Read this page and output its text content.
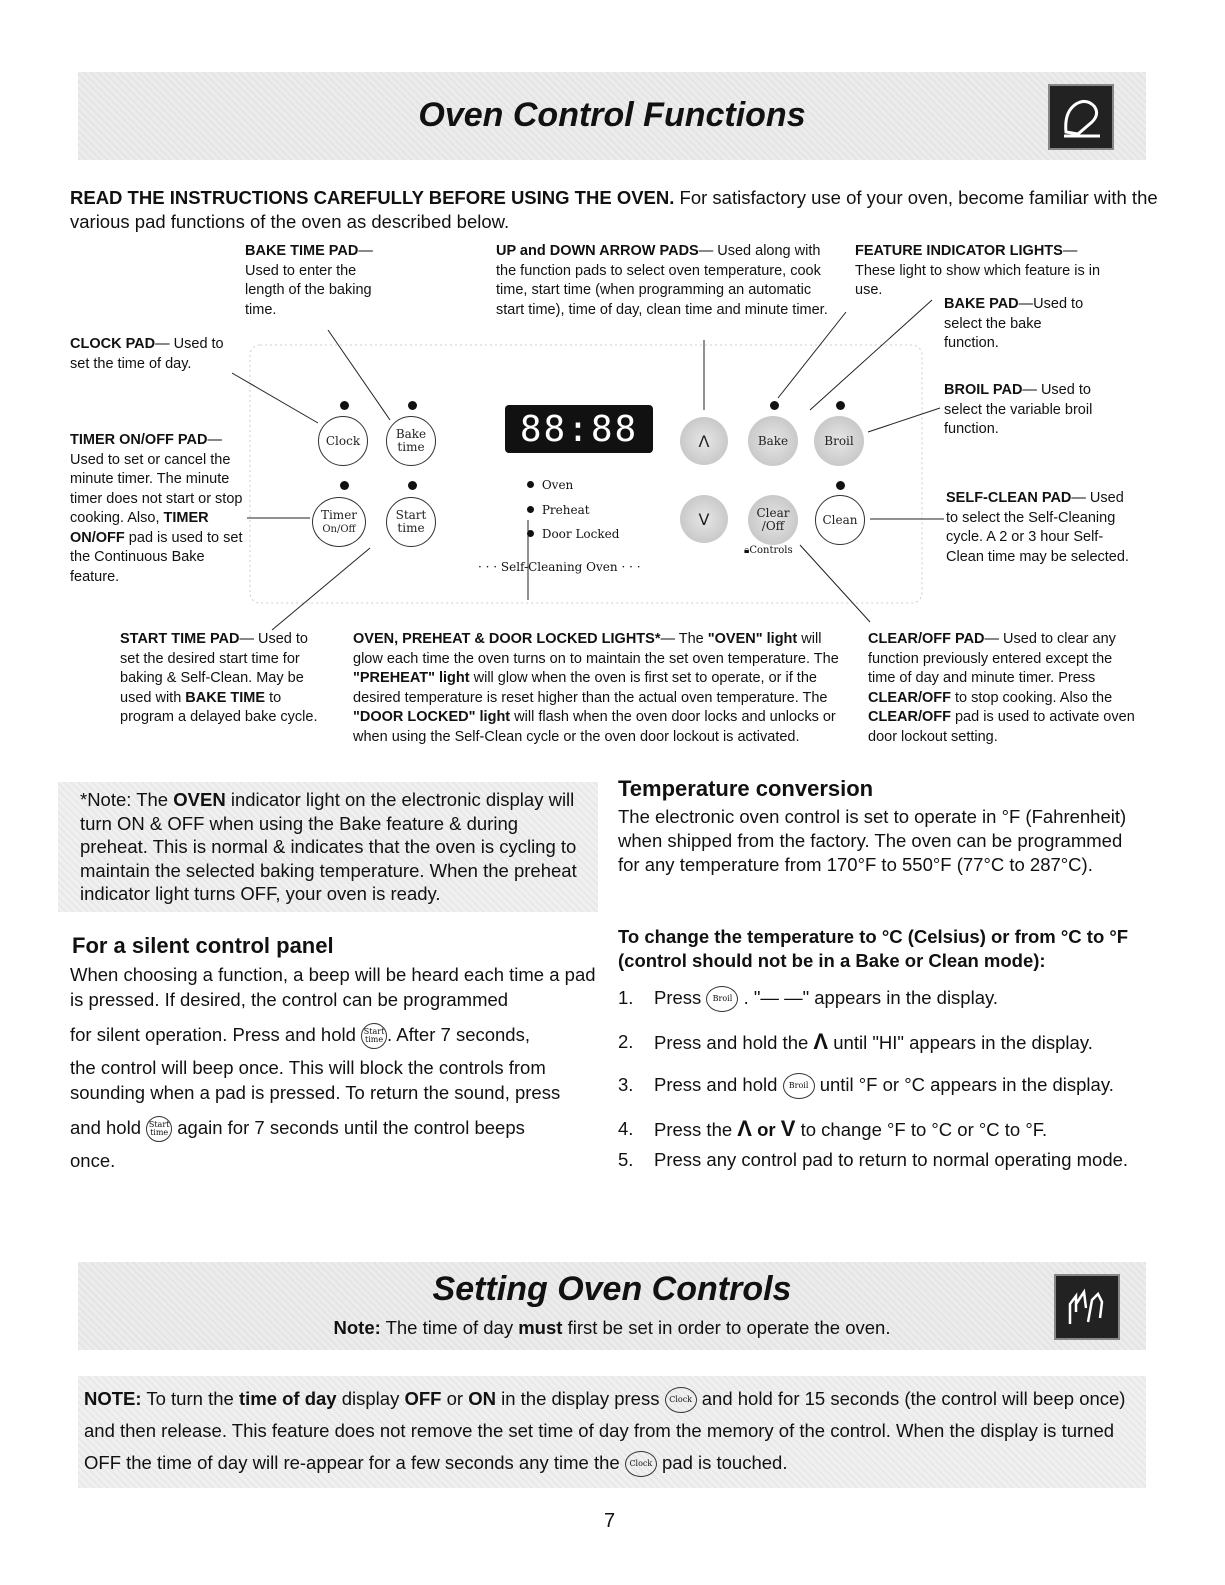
Oven Control Functions
READ THE INSTRUCTIONS CAREFULLY BEFORE USING THE OVEN. For satisfactory use of your oven, become familiar with the various pad functions of the oven as described below.
BAKE TIME PAD— Used to enter the length of the baking time.
UP and DOWN ARROW PADS— Used along with the function pads to select oven temperature, cook time, start time (when programming an automatic start time), time of day, clean time and minute timer.
FEATURE INDICATOR LIGHTS— These light to show which feature is in use.
BAKE PAD—Used to select the bake function.
CLOCK PAD— Used to set the time of day.
BROIL PAD— Used to select the variable broil function.
TIMER ON/OFF PAD— Used to set or cancel the minute timer. The minute timer does not start or stop cooking. Also, TIMER ON/OFF pad is used to set the Continuous Bake feature.
SELF-CLEAN PAD— Used to select the Self-Cleaning cycle. A 2 or 3 hour Self-Clean time may be selected.
START TIME PAD— Used to set the desired start time for baking & Self-Clean. May be used with BAKE TIME to program a delayed bake cycle.
OVEN, PREHEAT & DOOR LOCKED LIGHTS*— The "OVEN" light will glow each time the oven turns on to maintain the set oven temperature. The "PREHEAT" light will glow when the oven is first set to operate, or if the desired temperature is reset higher than the actual oven temperature. The "DOOR LOCKED" light will flash when the oven door locks and unlocks or when using the Self-Clean cycle or the oven door lockout is activated.
CLEAR/OFF PAD— Used to clear any function previously entered except the time of day and minute timer. Press CLEAR/OFF to stop cooking. Also the CLEAR/OFF pad is used to activate oven door lockout setting.
Clock	Bake
time
Timer
On/Off
Start
time
88:88
Oven
Preheat
Door Locked
· · · Self-Cleaning Oven · · ·
Λ
V
Bake	Broil
Clear
/Off	Clean
🔒︎Controls
*Note: The OVEN indicator light on the electronic display will turn ON & OFF when using the Bake feature & during preheat. This is normal & indicates that the oven is cycling to maintain the selected baking temperature. When the preheat indicator light turns OFF, your oven is ready.
For a silent control panel
When choosing a function, a beep will be heard each time a pad is pressed. If desired, the control can be programmed
for silent operation. Press and hold Start
time . After 7 seconds,
the control will beep once. This will block the controls from sounding when a pad is pressed. To return the sound, press
and hold Start
time again for 7 seconds until the control beeps
once.
Temperature conversion
The electronic oven control is set to operate in °F (Fahrenheit) when shipped from the factory. The oven can be programmed for any temperature from 170°F to 550°F (77°C to 287°C).
To change the temperature to °C (Celsius) or from °C to °F (control should not be in a Bake or Clean mode):
1. Press Broil . "— —" appears in the display.
2. Press and hold the Λ until "HI" appears in the display.
3. Press and hold Broil until °F or °C appears in the display.
4. Press the Λ or V to change °F to °C or °C to °F.
5. Press any control pad to return to normal operating mode.
Setting Oven Controls
Note: The time of day must first be set in order to operate the oven.
NOTE: To turn the time of day display OFF or ON in the display press Clock and hold for 15 seconds (the control will beep once) and then release. This feature does not remove the set time of day from the memory of the control. When the display is turned OFF the time of day will re-appear for a few seconds any time the Clock pad is touched.
7
